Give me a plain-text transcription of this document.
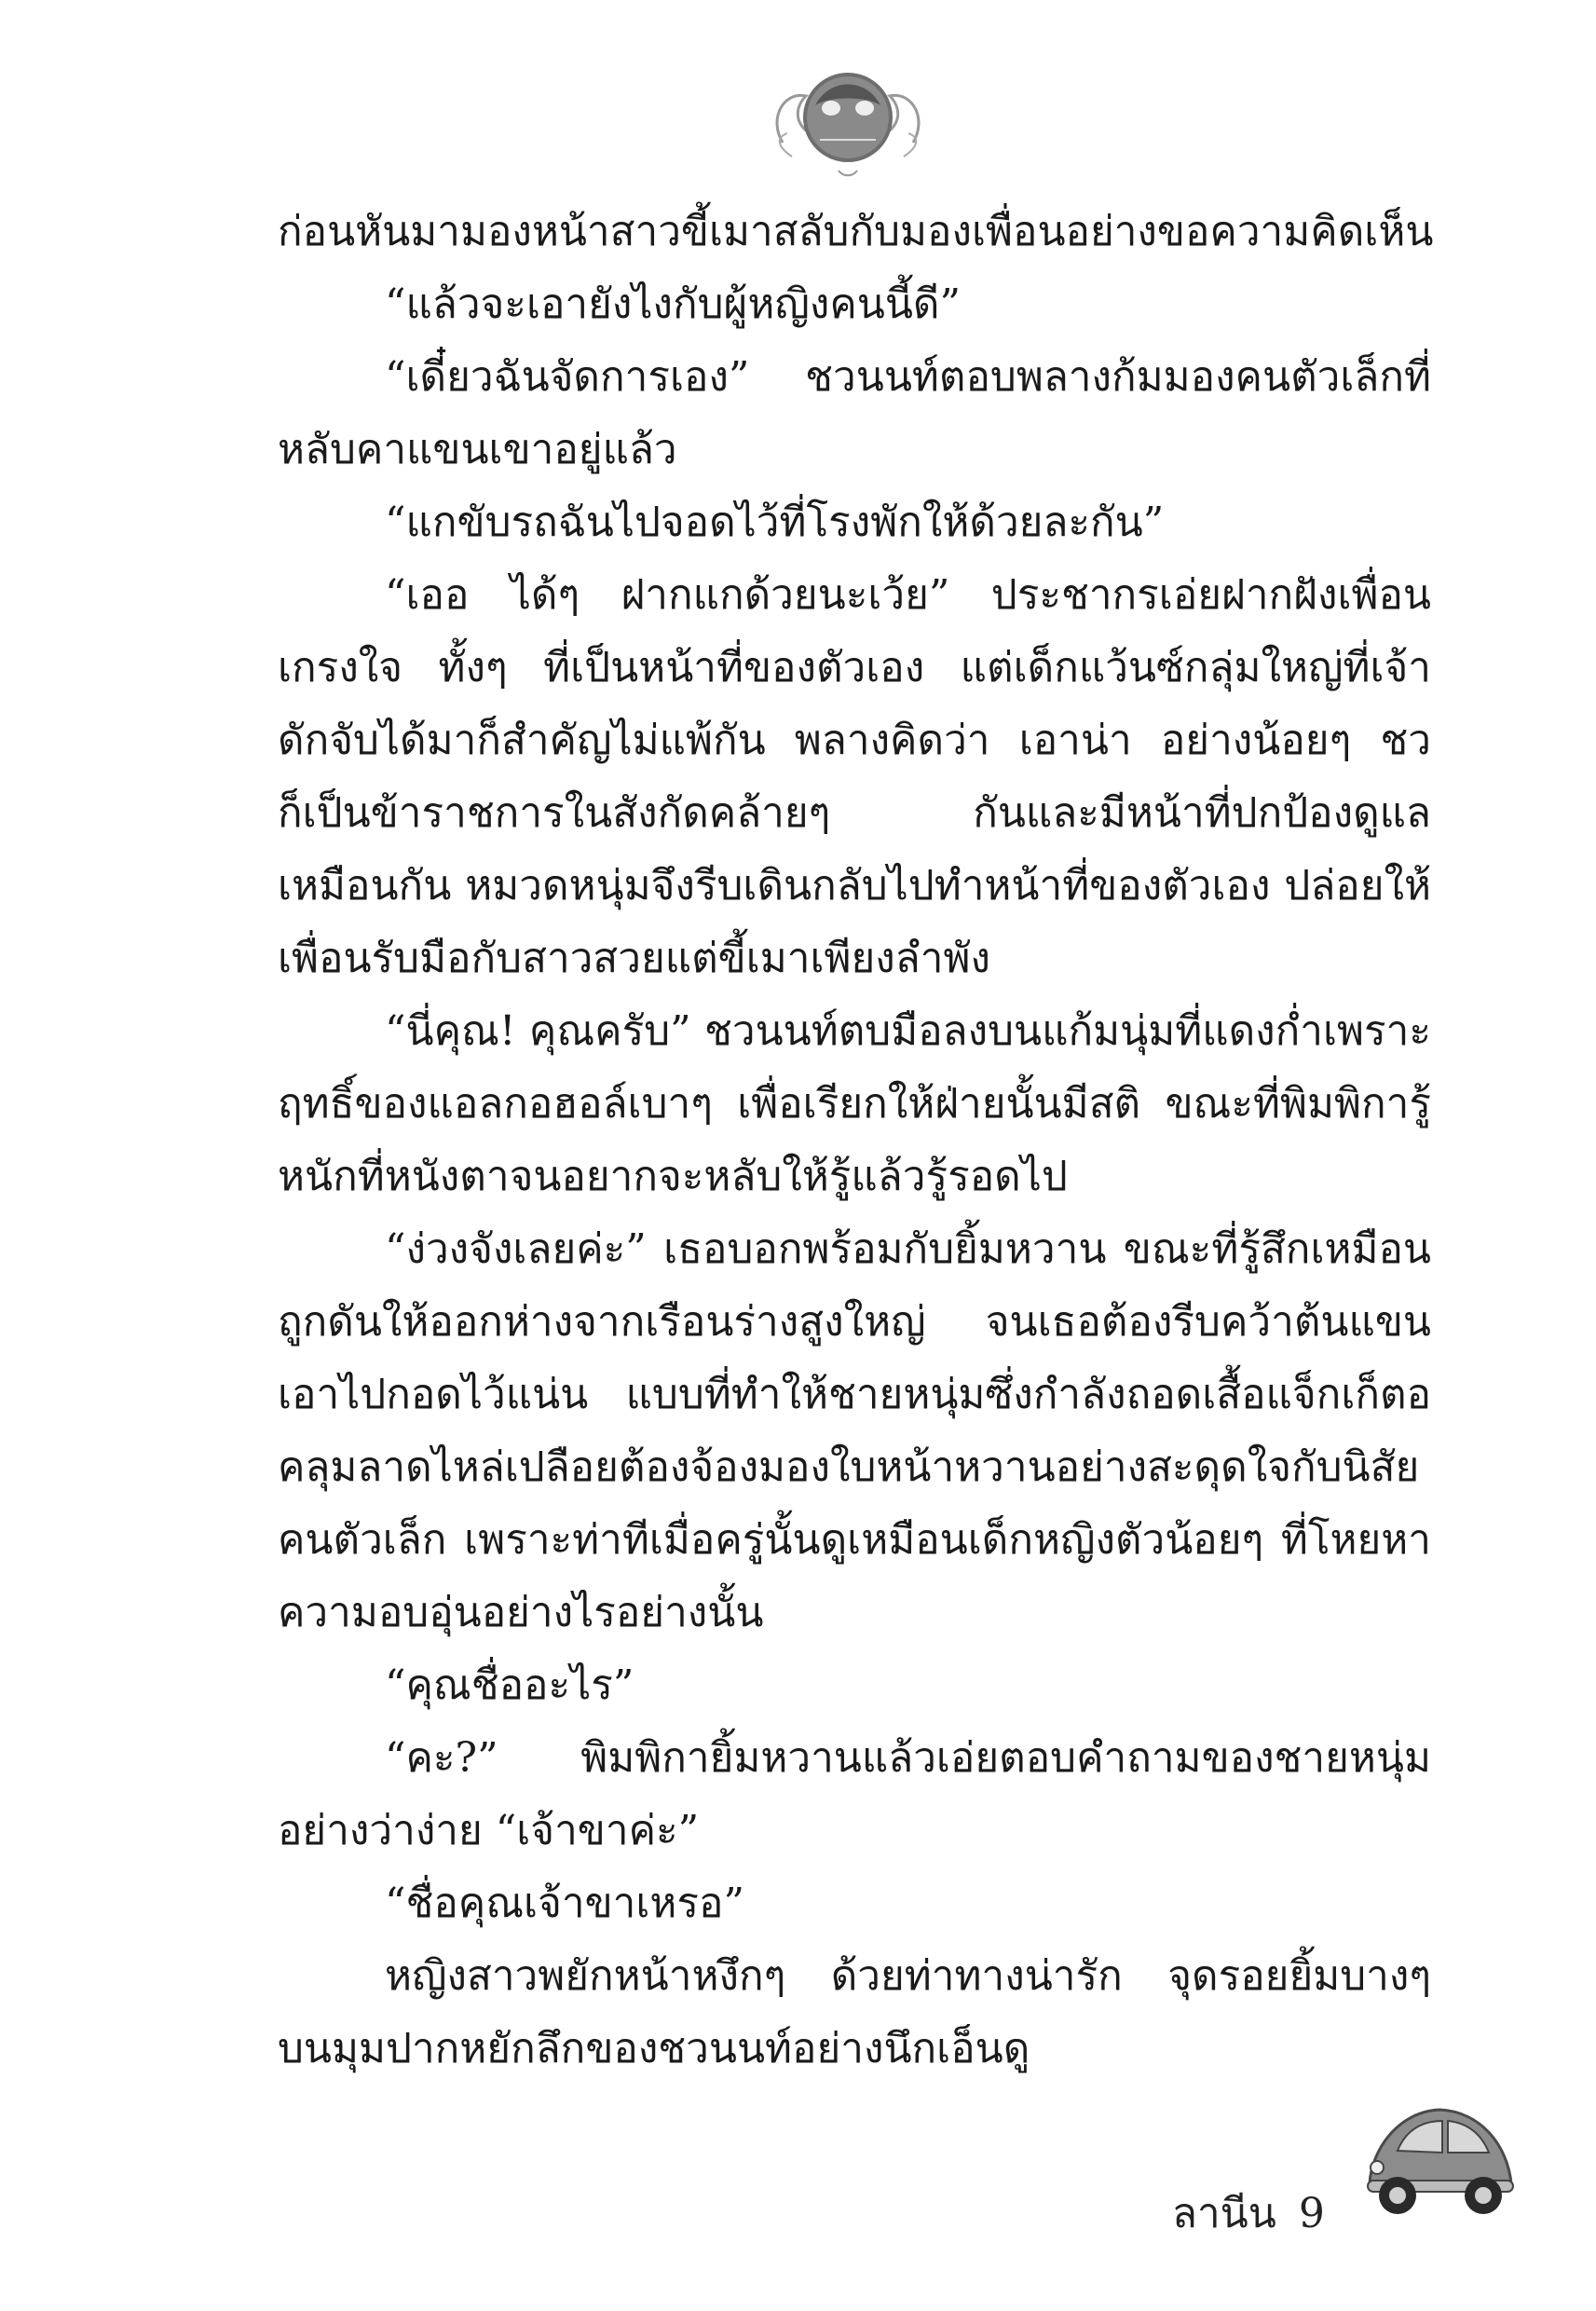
ก่อนหันมามองหน้าสาวขี้เมาสลับกับมองเพื่อนอย่างขอความคิดเห็น
“แล้วจะเอายังไงกับผู้หญิงคนนี้ดี”
“เดี๋ยวฉันจัดการเอง” ชวนนท์ตอบพลางก้มมองคนตัวเล็กที่
หลับคาแขนเขาอยู่แล้ว
“แกขับรถฉันไปจอดไว้ที่โรงพักให้ด้วยละกัน”
“เออ ได้ๆ ฝากแกด้วยนะเว้ย” ประชากรเอ่ยฝากฝังเพื่อน
เกรงใจ ทั้งๆ ที่เป็นหน้าที่ของตัวเอง แต่เด็กแว้นซ์กลุ่มใหญ่ที่เจ้า
ดักจับได้มาก็สำคัญไม่แพ้กัน พลางคิดว่า เอาน่า อย่างน้อยๆ ชว
ก็เป็นข้าราชการในสังกัดคล้ายๆ กันและมีหน้าที่ปกป้องดูแล
เหมือนกัน หมวดหนุ่มจึงรีบเดินกลับไปทำหน้าที่ของตัวเอง ปล่อยให้
เพื่อนรับมือกับสาวสวยแต่ขี้เมาเพียงลำพัง
“นี่คุณ! คุณครับ” ชวนนท์ตบมือลงบนแก้มนุ่มที่แดงก่ำเพราะ
ฤทธิ์ของแอลกอฮอล์เบาๆ เพื่อเรียกให้ฝ่ายนั้นมีสติ ขณะที่พิมพิการู้
หนักที่หนังตาจนอยากจะหลับให้รู้แล้วรู้รอดไป
“ง่วงจังเลยค่ะ” เธอบอกพร้อมกับยิ้มหวาน ขณะที่รู้สึกเหมือน
ถูกดันให้ออกห่างจากเรือนร่างสูงใหญ่ จนเธอต้องรีบคว้าต้นแขน
เอาไปกอดไว้แน่น แบบที่ทำให้ชายหนุ่มซึ่งกำลังถอดเสื้อแจ็กเก็ตอ
คลุมลาดไหล่เปลือยต้องจ้องมองใบหน้าหวานอย่างสะดุดใจกับนิสัย
คนตัวเล็ก เพราะท่าทีเมื่อครู่นั้นดูเหมือนเด็กหญิงตัวน้อยๆ ที่โหยหา
ความอบอุ่นอย่างไรอย่างนั้น
“คุณชื่ออะไร”
“คะ?” พิมพิกายิ้มหวานแล้วเอ่ยตอบคำถามของชายหนุ่ม
อย่างว่าง่าย “เจ้าขาค่ะ”
“ชื่อคุณเจ้าขาเหรอ”
หญิงสาวพยักหน้าหงึกๆ ด้วยท่าทางน่ารัก จุดรอยยิ้มบางๆ
บนมุมปากหยักลึกของชวนนท์อย่างนึกเอ็นดู
ลานีน 9
